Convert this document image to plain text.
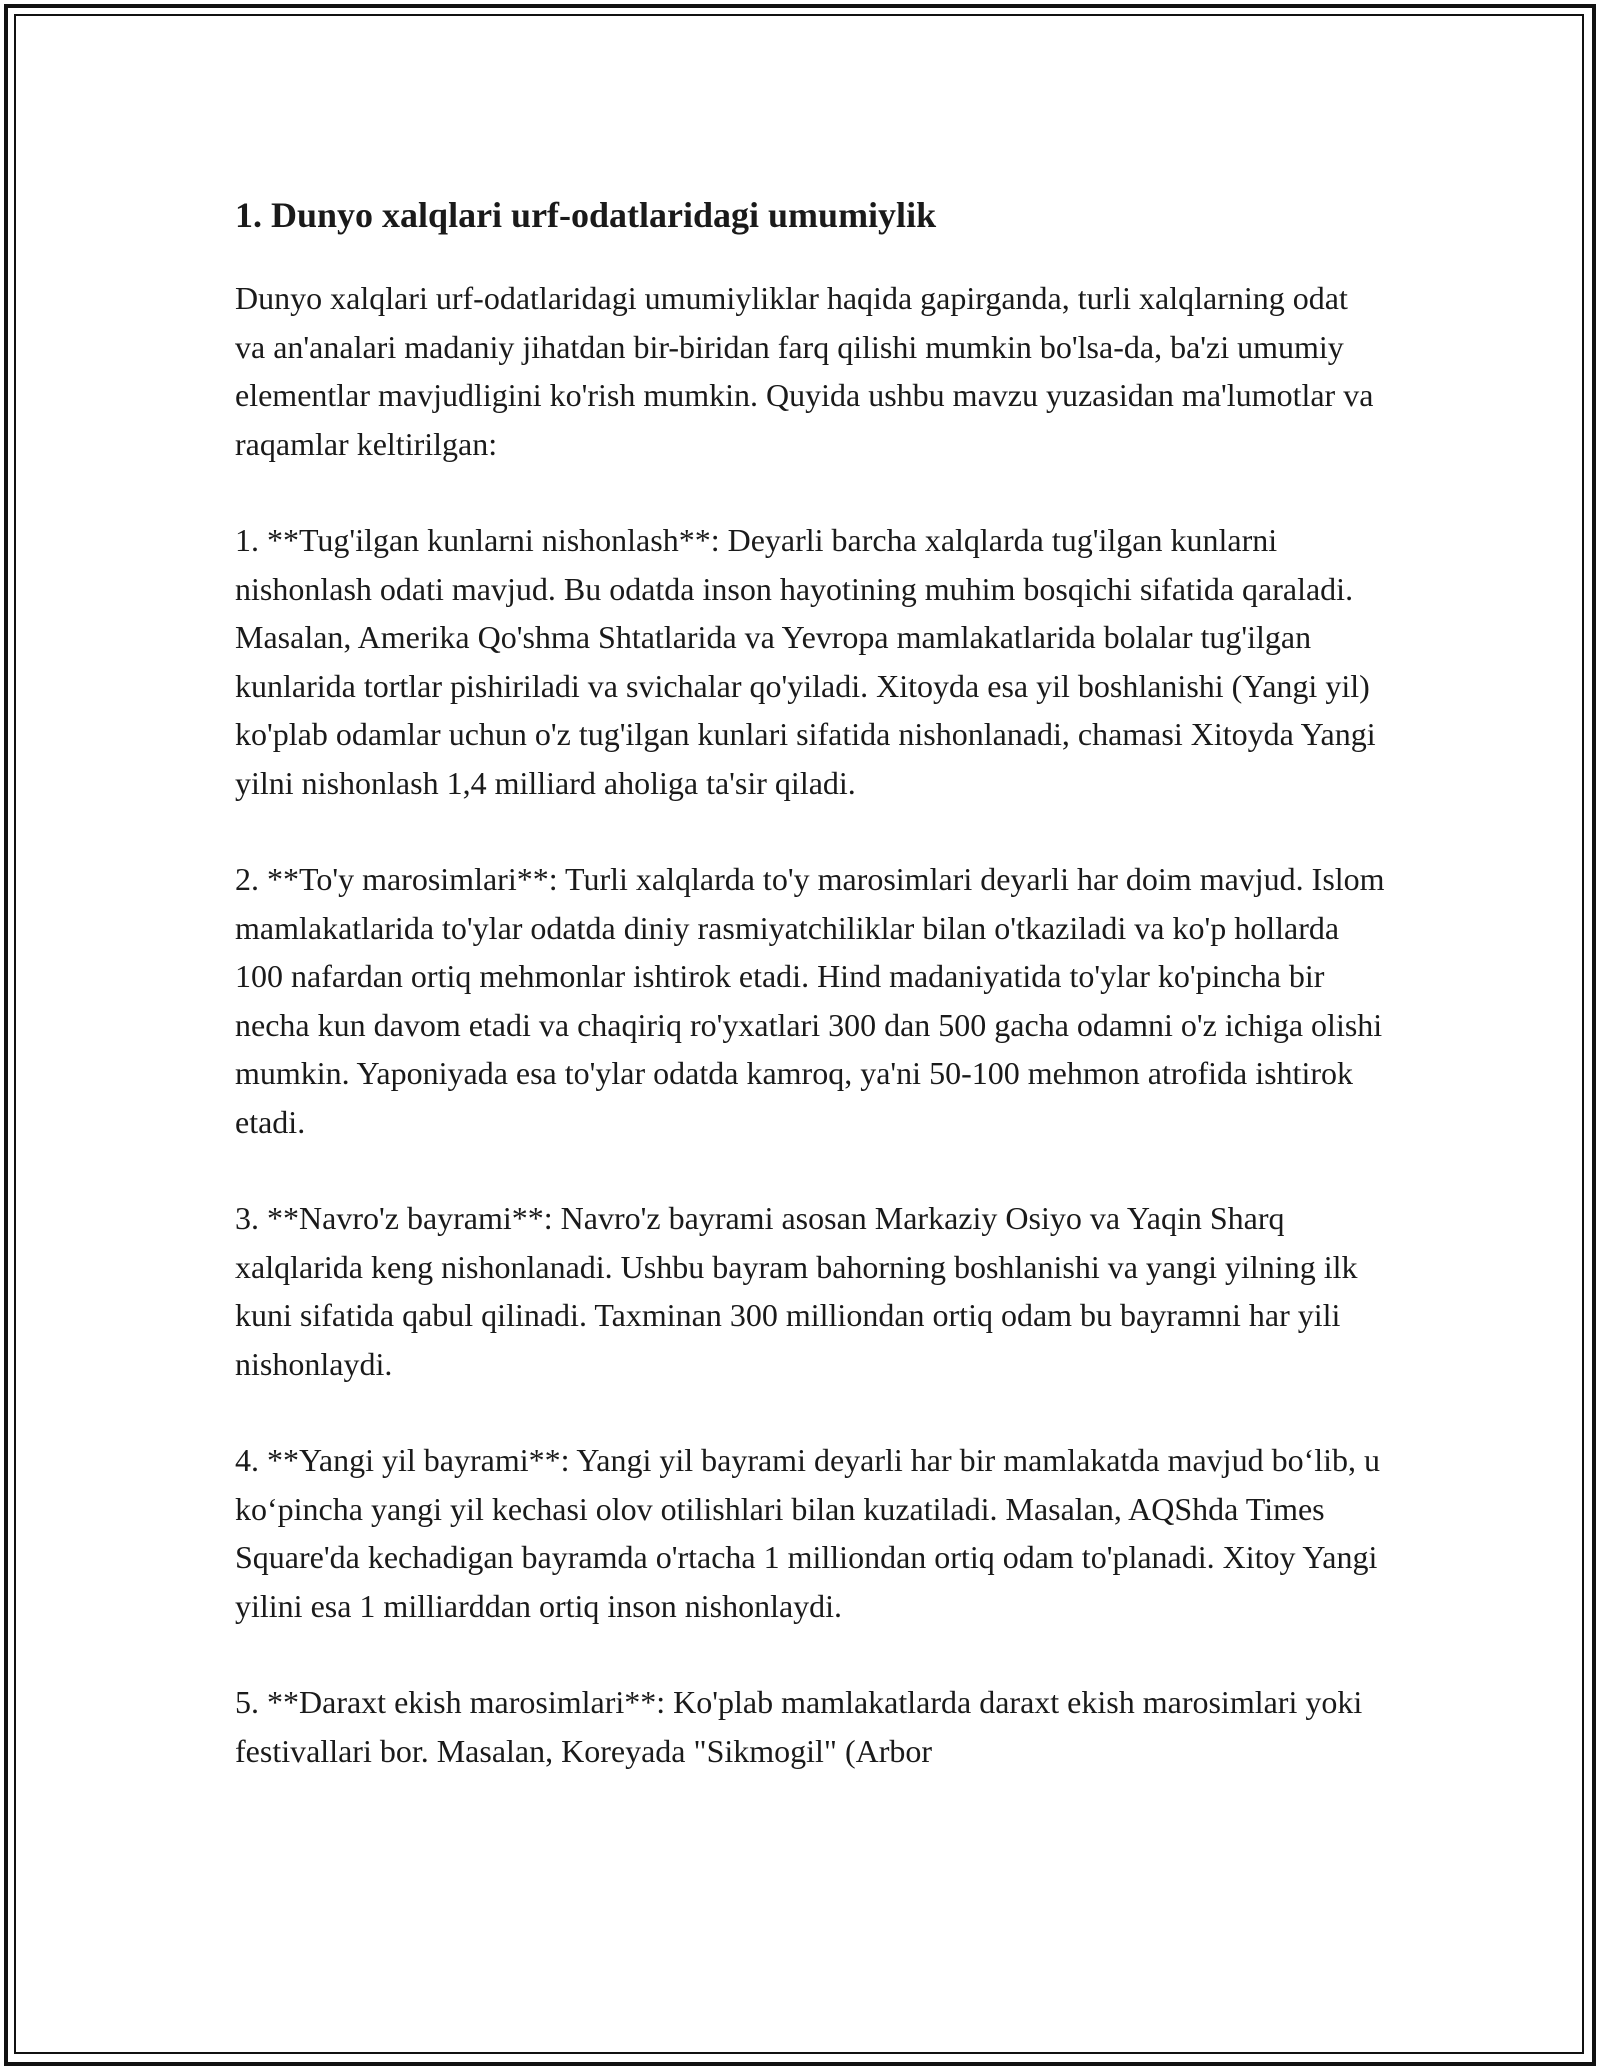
1. Dunyo xalqlari urf-odatlaridagi umumiylik

Dunyo xalqlari urf-odatlaridagi umumiyliklar haqida gapirganda, turli xalqlarning odat va an'analari madaniy jihatdan bir-biridan farq qilishi mumkin bo'lsa-da, ba'zi umumiy elementlar mavjudligini ko'rish mumkin. Quyida ushbu mavzu yuzasidan ma'lumotlar va raqamlar keltirilgan:

1. **Tug'ilgan kunlarni nishonlash**: Deyarli barcha xalqlarda tug'ilgan kunlarni nishonlash odati mavjud. Bu odatda inson hayotining muhim bosqichi sifatida qaraladi. Masalan, Amerika Qo'shma Shtatlarida va Yevropa mamlakatlarida bolalar tug'ilgan kunlarida tortlar pishiriladi va svichalar qo'yiladi. Xitoyda esa yil boshlanishi (Yangi yil) ko'plab odamlar uchun o'z tug'ilgan kunlari sifatida nishonlanadi, chamasi Xitoyda Yangi yilni nishonlash 1,4 milliard aholiga ta'sir qiladi.

2. **To'y marosimlari**: Turli xalqlarda to'y marosimlari deyarli har doim mavjud. Islom mamlakatlarida to'ylar odatda diniy rasmiyatchiliklar bilan o'tkaziladi va ko'p hollarda 100 nafardan ortiq mehmonlar ishtirok etadi. Hind madaniyatida to'ylar ko'pincha bir necha kun davom etadi va chaqiriq ro'yxatlari 300 dan 500 gacha odamni o'z ichiga olishi mumkin. Yaponiyada esa to'ylar odatda kamroq, ya'ni 50-100 mehmon atrofida ishtirok etadi.

3. **Navro'z bayrami**: Navro'z bayrami asosan Markaziy Osiyo va Yaqin Sharq xalqlarida keng nishonlanadi. Ushbu bayram bahorning boshlanishi va yangi yilning ilk kuni sifatida qabul qilinadi. Taxminan 300 milliondan ortiq odam bu bayramni har yili nishonlaydi.

4. **Yangi yil bayrami**: Yangi yil bayrami deyarli har bir mamlakatda mavjud bo‘lib, u ko‘pincha yangi yil kechasi olov otilishlari bilan kuzatiladi. Masalan, AQShda Times Square'da kechadigan bayramda o'rtacha 1 milliondan ortiq odam to'planadi. Xitoy Yangi yilini esa 1 milliarddan ortiq inson nishonlaydi.

5. **Daraxt ekish marosimlari**: Ko'plab mamlakatlarda daraxt ekish marosimlari yoki festivallari bor. Masalan, Koreyada "Sikmogil" (Arbor
